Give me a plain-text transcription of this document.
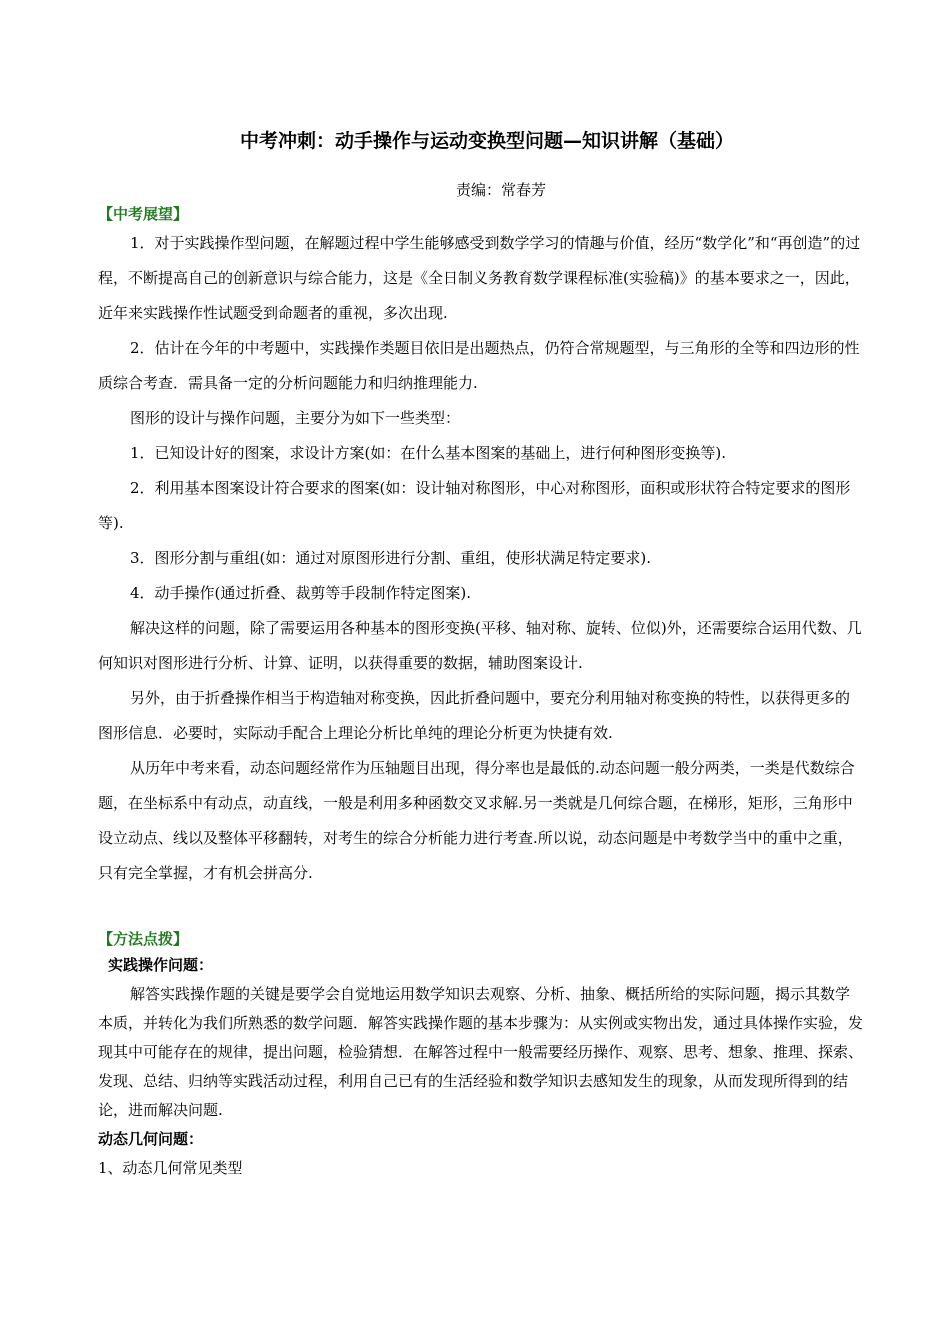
中考冲刺：动手操作与运动变换型问题—知识讲解（基础）
责编：常春芳
【中考展望】

1．对于实践操作型问题，在解题过程中学生能够感受到数学学习的情趣与价值，经历“数学化”和“再创造”的过程，不断提高自己的创新意识与综合能力，这是《全日制义务教育数学课程标准(实验稿)》的基本要求之一，因此，近年来实践操作性试题受到命题者的重视，多次出现.

2．估计在今年的中考题中，实践操作类题目依旧是出题热点，仍符合常规题型，与三角形的全等和四边形的性质综合考查．需具备一定的分析问题能力和归纳推理能力.

图形的设计与操作问题，主要分为如下一些类型：

1．已知设计好的图案，求设计方案(如：在什么基本图案的基础上，进行何种图形变换等).

2．利用基本图案设计符合要求的图案(如：设计轴对称图形，中心对称图形，面积或形状符合特定要求的图形等).

3．图形分割与重组(如：通过对原图形进行分割、重组，使形状满足特定要求).

4．动手操作(通过折叠、裁剪等手段制作特定图案).

解决这样的问题，除了需要运用各种基本的图形变换(平移、轴对称、旋转、位似)外，还需要综合运用代数、几何知识对图形进行分析、计算、证明，以获得重要的数据，辅助图案设计.

另外，由于折叠操作相当于构造轴对称变换，因此折叠问题中，要充分利用轴对称变换的特性，以获得更多的图形信息．必要时，实际动手配合上理论分析比单纯的理论分析更为快捷有效.

从历年中考来看，动态问题经常作为压轴题目出现，得分率也是最低的.动态问题一般分两类，一类是代数综合题，在坐标系中有动点，动直线，一般是利用多种函数交叉求解.另一类就是几何综合题，在梯形，矩形，三角形中设立动点、线以及整体平移翻转，对考生的综合分析能力进行考查.所以说，动态问题是中考数学当中的重中之重，只有完全掌握，才有机会拼高分.

【方法点拨】
实践操作问题：

解答实践操作题的关键是要学会自觉地运用数学知识去观察、分析、抽象、概括所给的实际问题，揭示其数学本质，并转化为我们所熟悉的数学问题．解答实践操作题的基本步骤为：从实例或实物出发，通过具体操作实验，发现其中可能存在的规律，提出问题，检验猜想．在解答过程中一般需要经历操作、观察、思考、想象、推理、探索、发现、总结、归纳等实践活动过程，利用自己已有的生活经验和数学知识去感知发生的现象，从而发现所得到的结论，进而解决问题.

动态几何问题：
1、动态几何常见类型
